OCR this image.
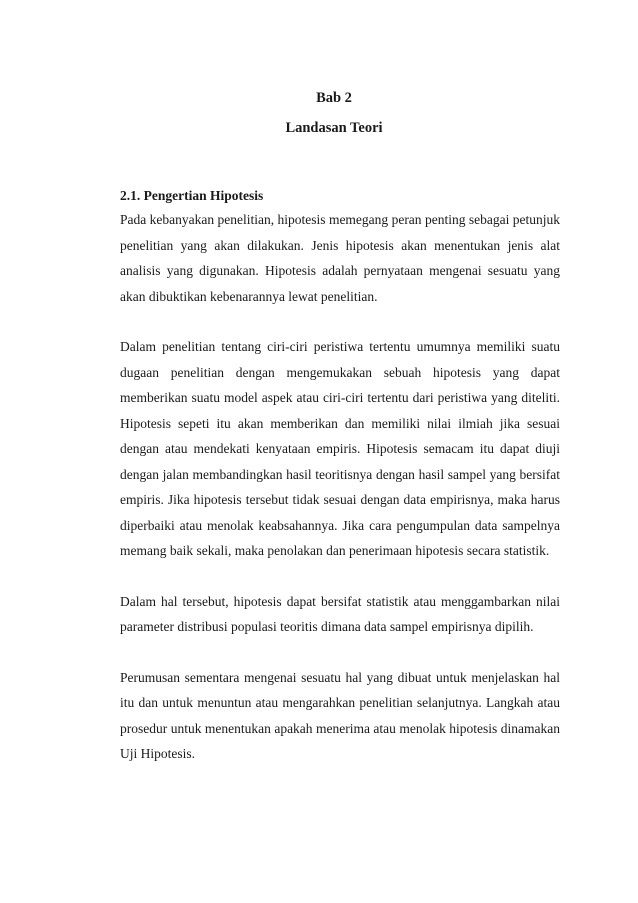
Bab 2
Landasan Teori

2.1. Pengertian Hipotesis

Pada kebanyakan penelitian, hipotesis memegang peran penting sebagai petunjuk penelitian yang akan dilakukan. Jenis hipotesis akan menentukan jenis alat analisis yang digunakan. Hipotesis adalah pernyataan mengenai sesuatu yang akan dibuktikan kebenarannya lewat penelitian.

Dalam penelitian tentang ciri-ciri peristiwa tertentu umumnya memiliki suatu dugaan penelitian dengan mengemukakan sebuah hipotesis yang dapat memberikan suatu model aspek atau ciri-ciri tertentu dari peristiwa yang diteliti. Hipotesis sepeti itu akan memberikan dan memiliki nilai ilmiah jika sesuai dengan atau mendekati kenyataan empiris. Hipotesis semacam itu dapat diuji dengan jalan membandingkan hasil teoritisnya dengan hasil sampel yang bersifat empiris. Jika hipotesis tersebut tidak sesuai dengan data empirisnya, maka harus diperbaiki atau menolak keabsahannya. Jika cara pengumpulan data sampelnya memang baik sekali, maka penolakan dan penerimaan hipotesis secara statistik.

Dalam hal tersebut, hipotesis dapat bersifat statistik atau menggambarkan nilai parameter distribusi populasi teoritis dimana data sampel empirisnya dipilih.

Perumusan sementara mengenai sesuatu hal yang dibuat untuk menjelaskan hal itu dan untuk menuntun atau mengarahkan penelitian selanjutnya. Langkah atau prosedur untuk menentukan apakah menerima atau menolak hipotesis dinamakan Uji Hipotesis.
